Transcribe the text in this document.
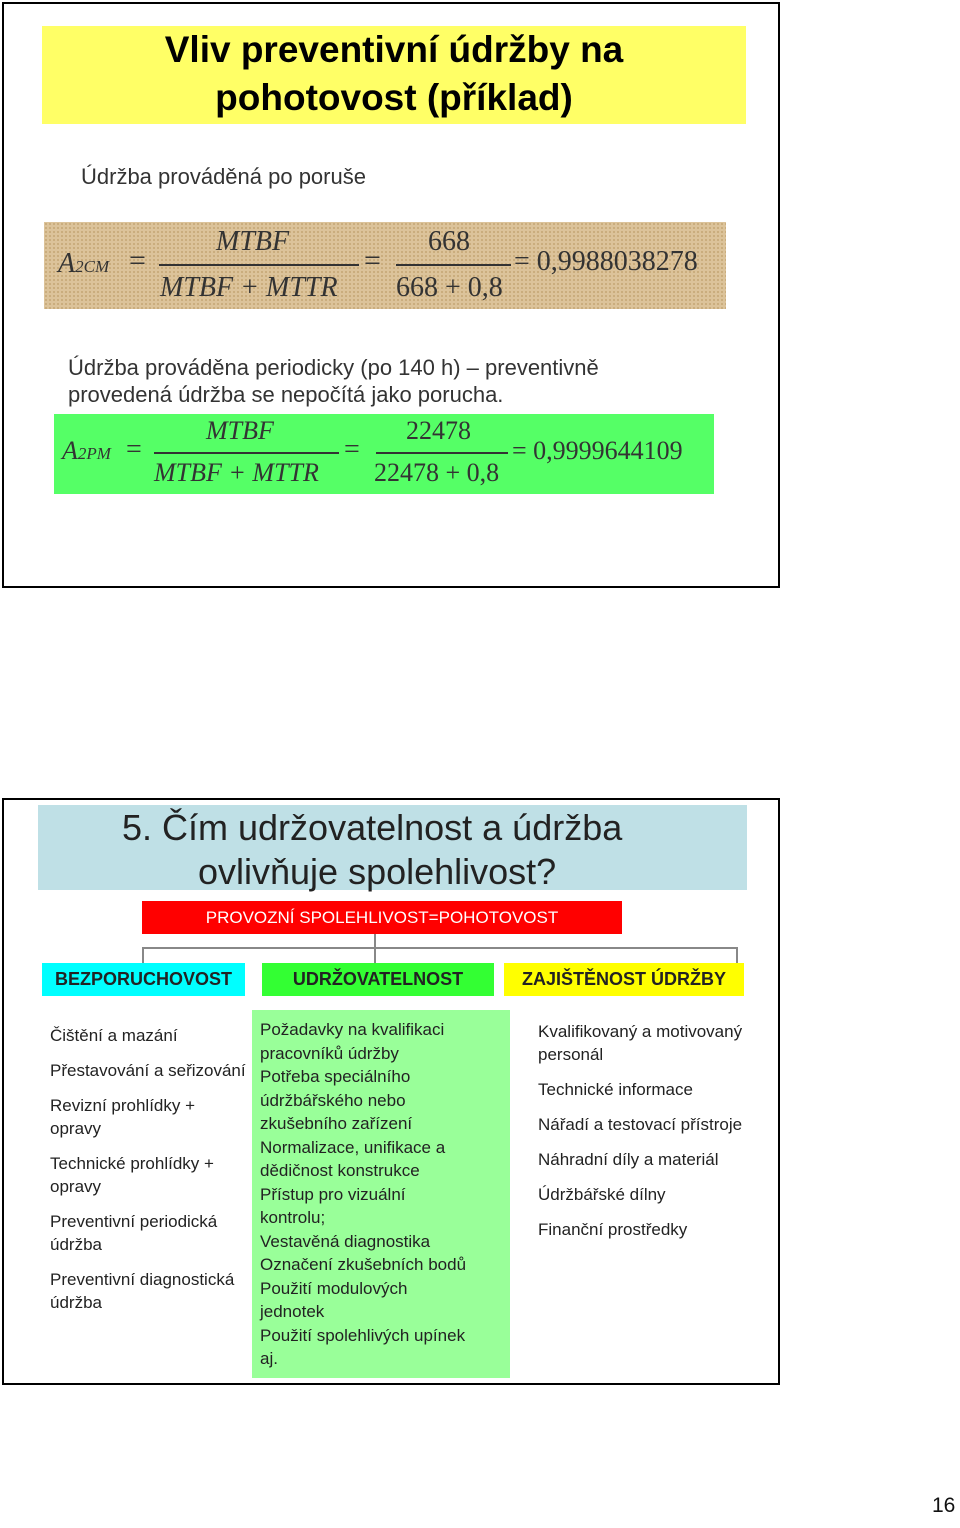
Vliv preventivní údržby na
pohotovost (příklad)
Údržba prováděná po poruše
A2CM =
MTBF
MTBF + MTTR
=
668
668 + 0,8
= 0,9988038278
Údržba prováděna periodicky (po 140 h) – preventivně
provedená údržba se nepočítá jako porucha.
A2PM =
MTBF
MTBF + MTTR
=
22478
22478 + 0,8
= 0,9999644109
5. Čím udržovatelnost a údržba
ovlivňuje spolehlivost?
PROVOZNÍ SPOLEHLIVOST=POHOTOVOST
BEZPORUCHOVOST	UDRŽOVATELNOST	ZAJIŠTĚNOST ÚDRŽBY
Čištění a mazání
Přestavování a seřizování
Revizní prohlídky + opravy
Technické prohlídky + opravy
Preventivní periodická údržba
Preventivní diagnostická údržba
Požadavky na kvalifikaci
pracovníků údržby
Potřeba speciálního
údržbářského nebo
zkušebního zařízení
Normalizace, unifikace a
dědičnost konstrukce
Přístup pro vizuální
kontrolu;
Vestavěná diagnostika
Označení zkušebních bodů
Použití modulových
jednotek
Použití spolehlivých upínek
aj.
Kvalifikovaný a motivovaný personál
Technické informace
Nářadí a testovací přístroje
Náhradní díly a materiál
Údržbářské dílny
Finanční prostředky
16
